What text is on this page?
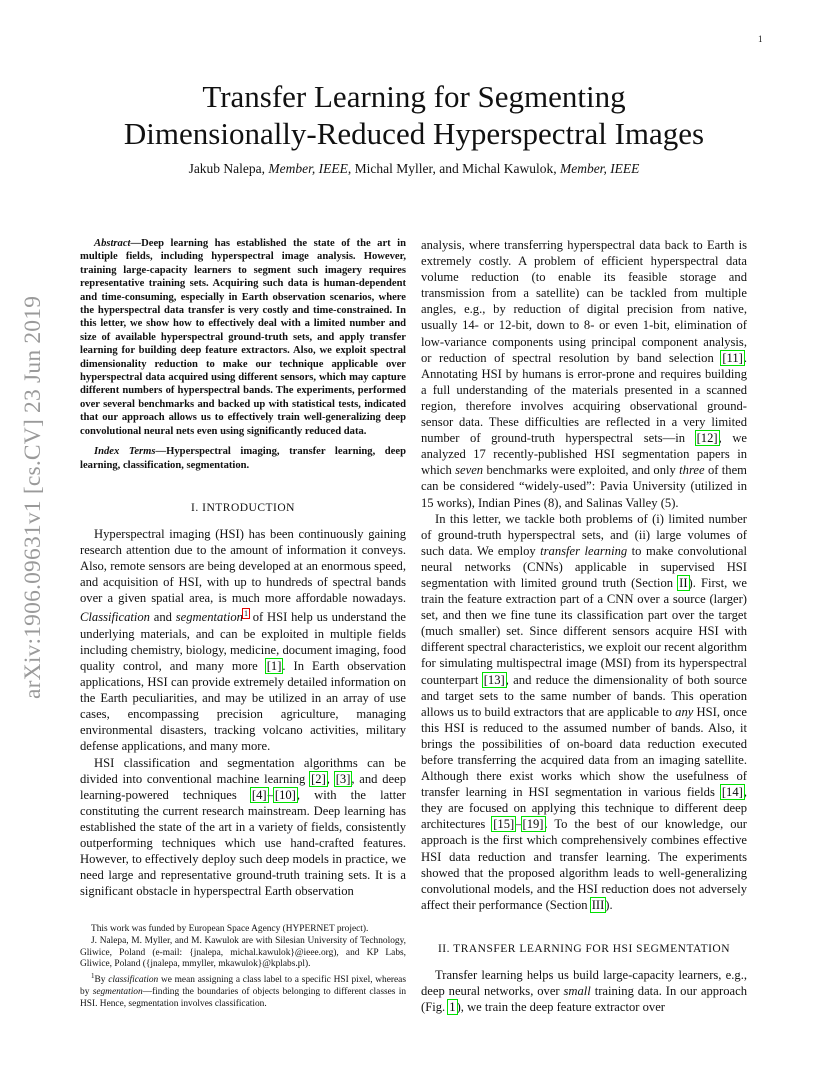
1
arXiv:1906.09631v1 [cs.CV] 23 Jun 2019
Transfer Learning for Segmenting
Dimensionally-Reduced Hyperspectral Images
Jakub Nalepa, Member, IEEE, Michal Myller, and Michal Kawulok, Member, IEEE

Abstract—Deep learning has established the state of the art in multiple fields, including hyperspectral image analysis. However, training large-capacity learners to segment such imagery requires representative training sets. Acquiring such data is human-dependent and time-consuming, especially in Earth observation scenarios, where the hyperspectral data transfer is very costly and time-constrained. In this letter, we show how to effectively deal with a limited number and size of available hyperspectral ground-truth sets, and apply transfer learning for building deep feature extractors. Also, we exploit spectral dimensionality reduction to make our technique applicable over hyperspectral data acquired using different sensors, which may capture different numbers of hyperspectral bands. The experiments, performed over several benchmarks and backed up with statistical tests, indicated that our approach allows us to effectively train well-generalizing deep convolutional neural nets even using significantly reduced data.

Index Terms—Hyperspectral imaging, transfer learning, deep learning, classification, segmentation.

I. INTRODUCTION

Hyperspectral imaging (HSI) has been continuously gaining research attention due to the amount of information it conveys. Also, remote sensors are being developed at an enormous speed, and acquisition of HSI, with up to hundreds of spectral bands over a given spatial area, is much more affordable nowadays. Classification and segmentation$^1$ of HSI help us understand the underlying materials, and can be exploited in multiple fields including chemistry, biology, medicine, document imaging, food quality control, and many more [1]. In Earth observation applications, HSI can provide extremely detailed information on the Earth peculiarities, and may be utilized in an array of use cases, encompassing precision agriculture, managing environmental disasters, tracking volcano activities, military defense applications, and many more.

HSI classification and segmentation algorithms can be divided into conventional machine learning [2], [3], and deep learning-powered techniques [4]–[10], with the latter constituting the current research mainstream. Deep learning has established the state of the art in a variety of fields, consistently outperforming techniques which use hand-crafted features. However, to effectively deploy such deep models in practice, we need large and representative ground-truth training sets. It is a significant obstacle in hyperspectral Earth observation

This work was funded by European Space Agency (HYPERNET project).

J. Nalepa, M. Myller, and M. Kawulok are with Silesian University of Technology, Gliwice, Poland (e-mail: {jnalepa, michal.kawulok}@ieee.org), and KP Labs, Gliwice, Poland ({jnalepa, mmyller, mkawulok}@kplabs.pl).

$^1$By classification we mean assigning a class label to a specific HSI pixel, whereas by segmentation—finding the boundaries of objects belonging to different classes in HSI. Hence, segmentation involves classification.

analysis, where transferring hyperspectral data back to Earth is extremely costly. A problem of efficient hyperspectral data volume reduction (to enable its feasible storage and transmission from a satellite) can be tackled from multiple angles, e.g., by reduction of digital precision from native, usually 14- or 12-bit, down to 8- or even 1-bit, elimination of low-variance components using principal component analysis, or reduction of spectral resolution by band selection [11]. Annotating HSI by humans is error-prone and requires building a full understanding of the materials presented in a scanned region, therefore involves acquiring observational ground-sensor data. These difficulties are reflected in a very limited number of ground-truth hyperspectral sets—in [12], we analyzed 17 recently-published HSI segmentation papers in which seven benchmarks were exploited, and only three of them can be considered “widely-used”: Pavia University (utilized in 15 works), Indian Pines (8), and Salinas Valley (5).

In this letter, we tackle both problems of (i) limited number of ground-truth hyperspectral sets, and (ii) large volumes of such data. We employ transfer learning to make convolutional neural networks (CNNs) applicable in supervised HSI segmentation with limited ground truth (Section II). First, we train the feature extraction part of a CNN over a source (larger) set, and then we fine tune its classification part over the target (much smaller) set. Since different sensors acquire HSI with different spectral characteristics, we exploit our recent algorithm for simulating multispectral image (MSI) from its hyperspectral counterpart [13], and reduce the dimensionality of both source and target sets to the same number of bands. This operation allows us to build extractors that are applicable to any HSI, once this HSI is reduced to the assumed number of bands. Also, it brings the possibilities of on-board data reduction executed before transferring the acquired data from an imaging satellite. Although there exist works which show the usefulness of transfer learning in HSI segmentation in various fields [14], they are focused on applying this technique to different deep architectures [15]–[19]. To the best of our knowledge, our approach is the first which comprehensively combines effective HSI data reduction and transfer learning. The experiments showed that the proposed algorithm leads to well-generalizing convolutional models, and the HSI reduction does not adversely affect their performance (Section III).

II. TRANSFER LEARNING FOR HSI SEGMENTATION

Transfer learning helps us build large-capacity learners, e.g., deep neural networks, over small training data. In our approach (Fig. 1), we train the deep feature extractor over
